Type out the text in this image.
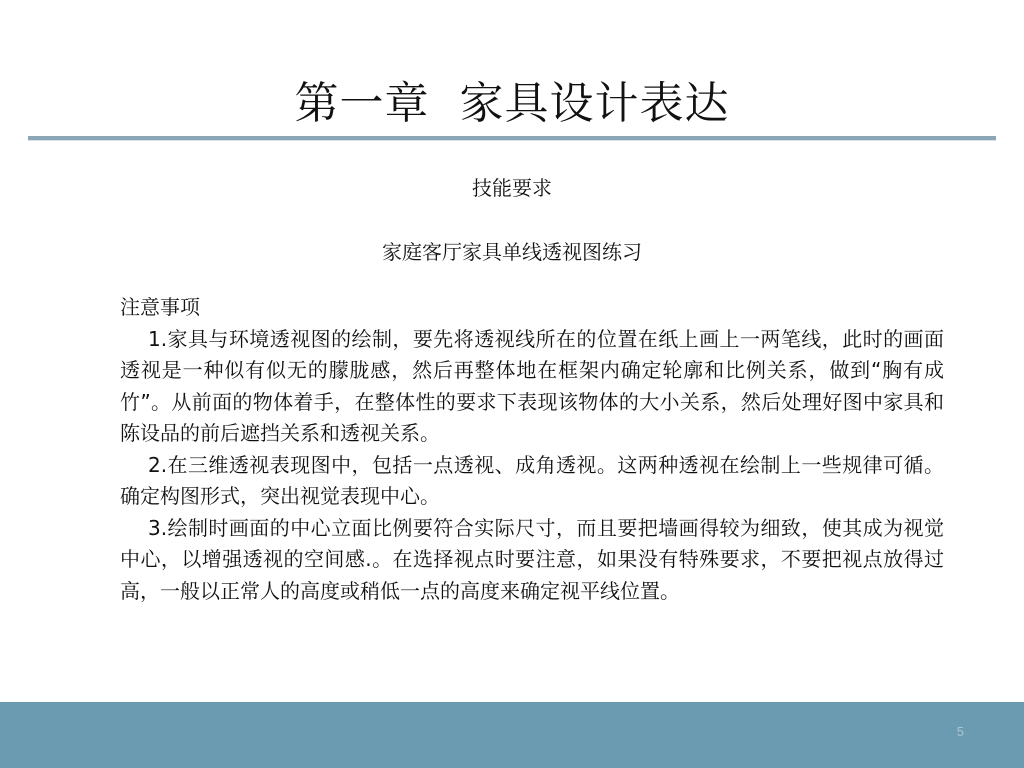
第一章  家具设计表达
技能要求
家庭客厅家具单线透视图练习

注意事项

1.家具与环境透视图的绘制，要先将透视线所在的位置在纸上画上一两笔线，此时的画面透视是一种似有似无的朦胧感，然后再整体地在框架内确定轮廓和比例关系，做到“胸有成竹”。从前面的物体着手，在整体性的要求下表现该物体的大小关系，然后处理好图中家具和陈设品的前后遮挡关系和透视关系。

2.在三维透视表现图中，包括一点透视、成角透视。这两种透视在绘制上一些规律可循。确定构图形式，突出视觉表现中心。

3.绘制时画面的中心立面比例要符合实际尺寸，而且要把墙画得较为细致，使其成为视觉中心，以增强透视的空间感.。在选择视点时要注意，如果没有特殊要求，不要把视点放得过高，一般以正常人的高度或稍低一点的高度来确定视平线位置。

5
